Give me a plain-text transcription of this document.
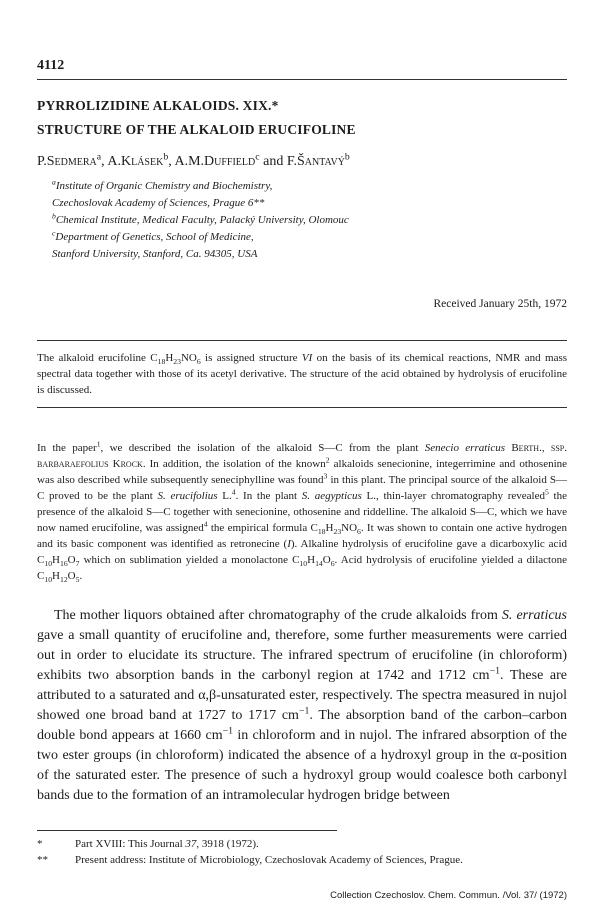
4112
PYRROLIZIDINE ALKALOIDS. XIX.*
STRUCTURE OF THE ALKALOID ERUCIFOLINE
P.Sedmera$^a$, A.Klásek$^b$, A.M.Duffield$^c$ and F.Šantavý$^b$
$^a$Institute of Organic Chemistry and Biochemistry,
Czechoslovak Academy of Sciences, Prague 6**
$^b$Chemical Institute, Medical Faculty, Palacký University, Olomouc
$^c$Department of Genetics, School of Medicine,
Stanford University, Stanford, Ca. 94305, USA
Received January 25th, 1972

The alkaloid erucifoline $C_{18}H_{23}NO_6$ is assigned structure VI on the basis of its chemical reactions, NMR and mass spectral data together with those of its acetyl derivative. The structure of the acid obtained by hydrolysis of erucifoline is discussed.

In the paper$^1$, we described the isolation of the alkaloid S—C from the plant Senecio erraticus Berth., ssp. barbaraefolius Krock. In addition, the isolation of the known$^2$ alkaloids senecionine, integerrimine and othosenine was also described while subsequently seneciphylline was found$^3$ in this plant. The principal source of the alkaloid S—C proved to be the plant S. erucifolius L.$^4$. In the plant S. aegypticus L., thin-layer chromatography revealed$^5$ the presence of the alkaloid S—C together with senecionine, othosenine and riddelline. The alkaloid S—C, which we have now named erucifoline, was assigned$^4$ the empirical formula $C_{18}H_{23}NO_6$. It was shown to contain one active hydrogen and its basic component was identified as retronecine (I). Alkaline hydrolysis of erucifoline gave a dicarboxylic acid $C_{10}H_{16}O_7$ which on sublimation yielded a monolactone $C_{10}H_{14}O_6$. Acid hydrolysis of erucifoline yielded a dilactone $C_{10}H_{12}O_5$.

The mother liquors obtained after chromatography of the crude alkaloids from S. erraticus gave a small quantity of erucifoline and, therefore, some further measurements were carried out in order to elucidate its structure. The infrared spectrum of erucifoline (in chloroform) exhibits two absorption bands in the carbonyl region at 1742 and 1712 $cm^{-1}$. These are attributed to a saturated and α,β-unsaturated ester, respectively. The spectra measured in nujol showed one broad band at 1727 to 1717 $cm^{-1}$. The absorption band of the carbon–carbon double bond appears at 1660 $cm^{-1}$ in chloroform and in nujol. The infrared absorption of the two ester groups (in chloroform) indicated the absence of a hydroxyl group in the α-position of the saturated ester. The presence of such a hydroxyl group would coalesce both carbonyl bands due to the formation of an intramolecular hydrogen bridge between

*	Part XVIII: This Journal 37, 3918 (1972).
** Present address: Institute of Microbiology, Czechoslovak Academy of Sciences, Prague.
Collection Czechoslov. Chem. Commun. /Vol. 37/ (1972)
